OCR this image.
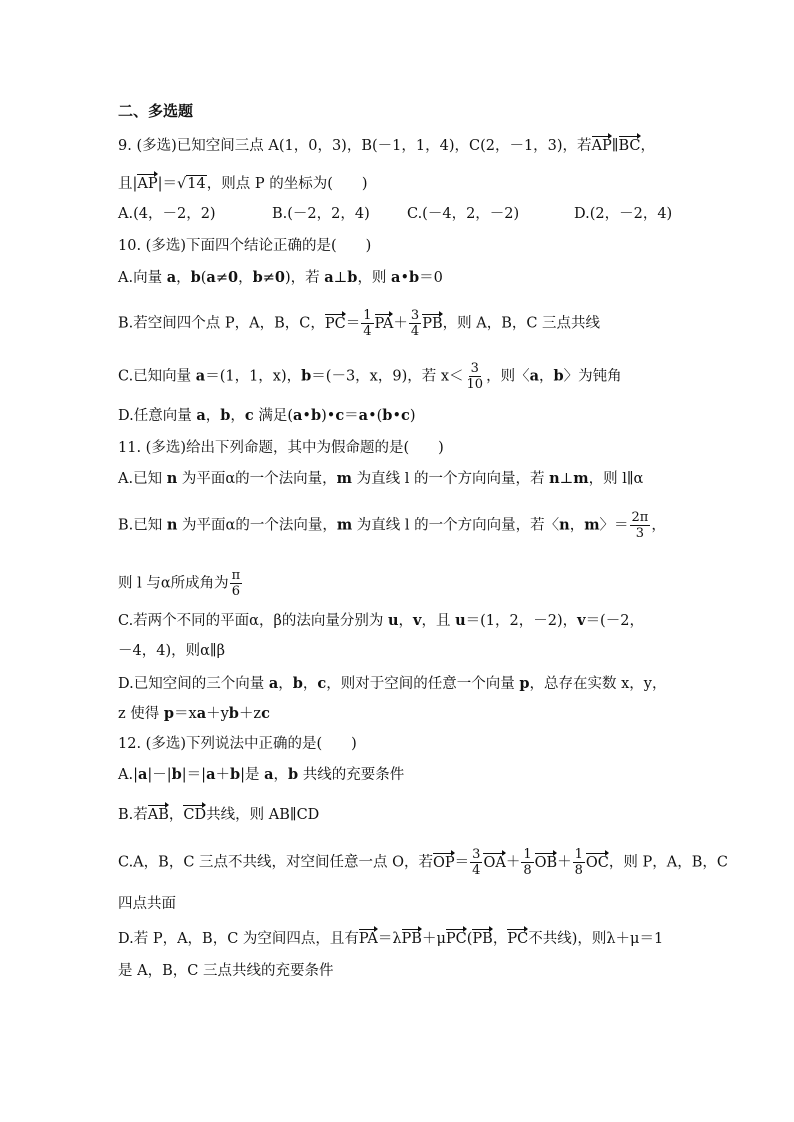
二、多选题
9. (多选)已知空间三点 A(1，0，3)，B(－1，1，4)，C(2，－1，3)，若AP∥BC，
且|AP|＝√14，则点 P 的坐标为(　　)
A.(4，－2，2)	B.(－2，2，4)	C.(－4，2，－2)	D.(2，－2，4)
10. (多选)下面四个结论正确的是(　　)
A.向量 a，b(a≠0，b≠0)，若 a⊥b，则 a•b＝0
B.若空间四个点 P，A，B，C，$PC= \frac{1}{4} PA+ \frac{3}{4}$ PB，则 A，B，C 三点共线
C.已知向量 a＝(1，1，x)，b＝(－3，x，9)，若 $x< \frac{3}{10}$ ，则〈a，b〉为钝角
D.任意向量 a，b，c 满足(a•b)•c＝a•(b•c)
11. (多选)给出下列命题，其中为假命题的是(　　)
A.已知 n 为平面α的一个法向量，m 为直线 l 的一个方向向量，若 n⊥m，则 l∥α
B.已知 n 为平面α的一个法向量，m 为直线 l 的一个方向向量，若〈n，m〉＝ $\frac{2\pi}{3}$ ，
则 l 与α所成角为 $\frac{\pi}{6}$
C.若两个不同的平面α，β的法向量分别为 u，v，且 u＝(1，2，－2)，v＝(－2，
－4，4)，则α∥β
D.已知空间的三个向量 a，b，c，则对于空间的任意一个向量 p，总存在实数 x，y，
z 使得 p＝xa＋yb＋zc
12. (多选)下列说法中正确的是(　　)
A.|a|－|b|＝|a＋b|是 a，b 共线的充要条件
B.若AB，CD共线，则 AB∥CD
C.A，B，C 三点不共线，对空间任意一点 O，若$OP= \frac{3}{4} OA+ \frac{1}{8} OB+ \frac{1}{8}$ OC，则 P，A，B，C
四点共面
D.若 P，A，B，C 为空间四点，且有PA＝λPB＋μPC(PB，PC不共线)，则λ＋μ＝1
是 A，B，C 三点共线的充要条件
